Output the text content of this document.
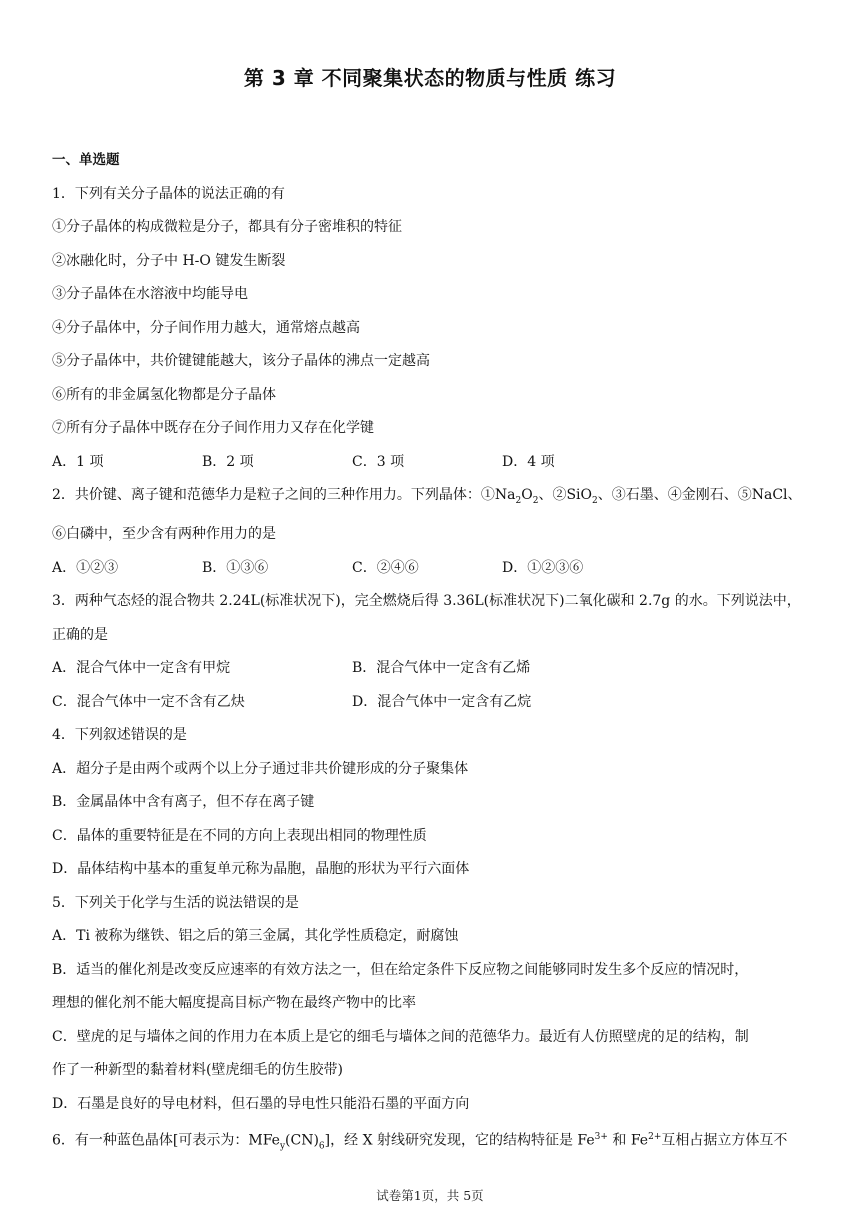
第 3 章 不同聚集状态的物质与性质 练习
一、单选题
1．下列有关分子晶体的说法正确的有
①分子晶体的构成微粒是分子，都具有分子密堆积的特征
②冰融化时，分子中 H-O 键发生断裂
③分子晶体在水溶液中均能导电
④分子晶体中，分子间作用力越大，通常熔点越高
⑤分子晶体中，共价键键能越大，该分子晶体的沸点一定越高
⑥所有的非金属氢化物都是分子晶体
⑦所有分子晶体中既存在分子间作用力又存在化学键
A．1 项	B．2 项	C．3 项	D．4 项
2．共价键、离子键和范德华力是粒子之间的三种作用力。下列晶体：$①Na_2O_2$、②SiO$_2$、③石墨、④金刚石、⑤NaCl、
⑥白磷中，至少含有两种作用力的是
A．①②③	B．①③⑥	C．②④⑥	D．①②③⑥
3．两种气态烃的混合物共 2.24L(标准状况下)，完全燃烧后得 3.36L(标准状况下)二氧化碳和 2.7g 的水。下列说法中，
正确的是
A．混合气体中一定含有甲烷	B．混合气体中一定含有乙烯
C．混合气体中一定不含有乙炔	D．混合气体中一定含有乙烷
4．下列叙述错误的是
A．超分子是由两个或两个以上分子通过非共价键形成的分子聚集体
B．金属晶体中含有离子，但不存在离子键
C．晶体的重要特征是在不同的方向上表现出相同的物理性质
D．晶体结构中基本的重复单元称为晶胞，晶胞的形状为平行六面体
5．下列关于化学与生活的说法错误的是
A．Ti 被称为继铁、铝之后的第三金属，其化学性质稳定，耐腐蚀
B．适当的催化剂是改变反应速率的有效方法之一，但在给定条件下反应物之间能够同时发生多个反应的情况时，
理想的催化剂不能大幅度提高目标产物在最终产物中的比率
C．壁虎的足与墙体之间的作用力在本质上是它的细毛与墙体之间的范德华力。最近有人仿照壁虎的足的结构，制
作了一种新型的黏着材料(壁虎细毛的仿生胶带)
D．石墨是良好的导电材料，但石墨的导电性只能沿石墨的平面方向
6．有一种蓝色晶体[可表示为：$MFe_y(CN)_6$]，经 X 射线研究发现，它的结构特征是 $Fe^{3+}$ 和 $Fe^{2+}$互相占据立方体互不
试卷第1页，共 5页
